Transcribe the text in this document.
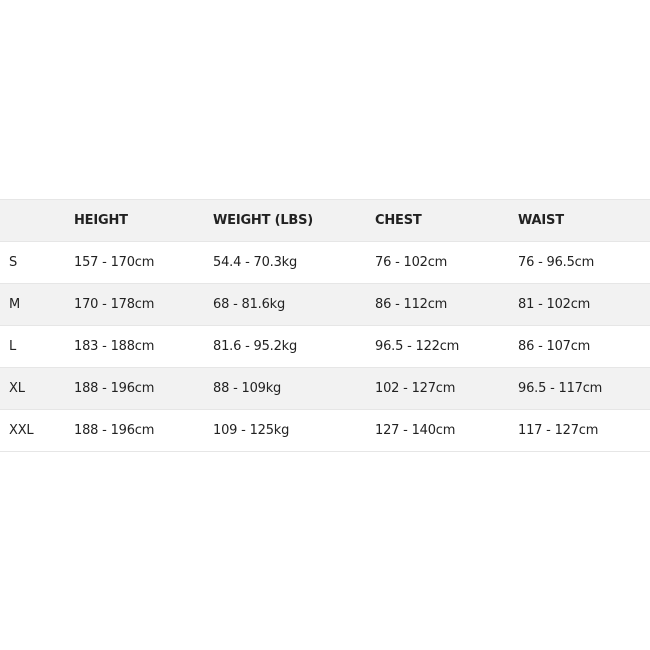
	HEIGHT	WEIGHT (LBS)	CHEST	WAIST
S	157 - 170cm	54.4 - 70.3kg	76 - 102cm	76 - 96.5cm
M	170 - 178cm	68 - 81.6kg	86 - 112cm	81 - 102cm
L	183 - 188cm	81.6 - 95.2kg	96.5 - 122cm	86 - 107cm
XL	188 - 196cm	88 - 109kg	102 - 127cm	96.5 - 117cm
XXL	188 - 196cm	109 - 125kg	127 - 140cm	117 - 127cm
